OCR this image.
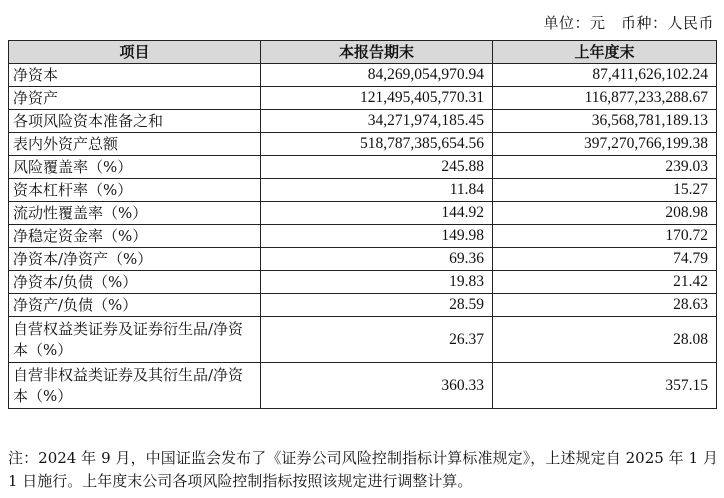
单位：元　币种：人民币
项目	本报告期末	上年度末
净资本	84,269,054,970.94	87,411,626,102.24
净资产	121,495,405,770.31	116,877,233,288.67
各项风险资本准备之和	34,271,974,185.45	36,568,781,189.13
表内外资产总额	518,787,385,654.56	397,270,766,199.38
风险覆盖率（%）	245.88	239.03
资本杠杆率（%）	11.84	15.27
流动性覆盖率（%）	144.92	208.98
净稳定资金率（%）	149.98	170.72
净资本/净资产（%）	69.36	74.79
净资本/负债（%）	19.83	21.42
净资产/负债（%）	28.59	28.63
自营权益类证券及证券衍生品/净资本（%）	26.37	28.08
自营非权益类证券及其衍生品/净资本（%）	360.33	357.15
注：2024 年 9 月，中国证监会发布了《证券公司风险控制指标计算标准规定》，上述规定自 2025 年 1 月 1 日施行。上年度末公司各项风险控制指标按照该规定进行调整计算。
